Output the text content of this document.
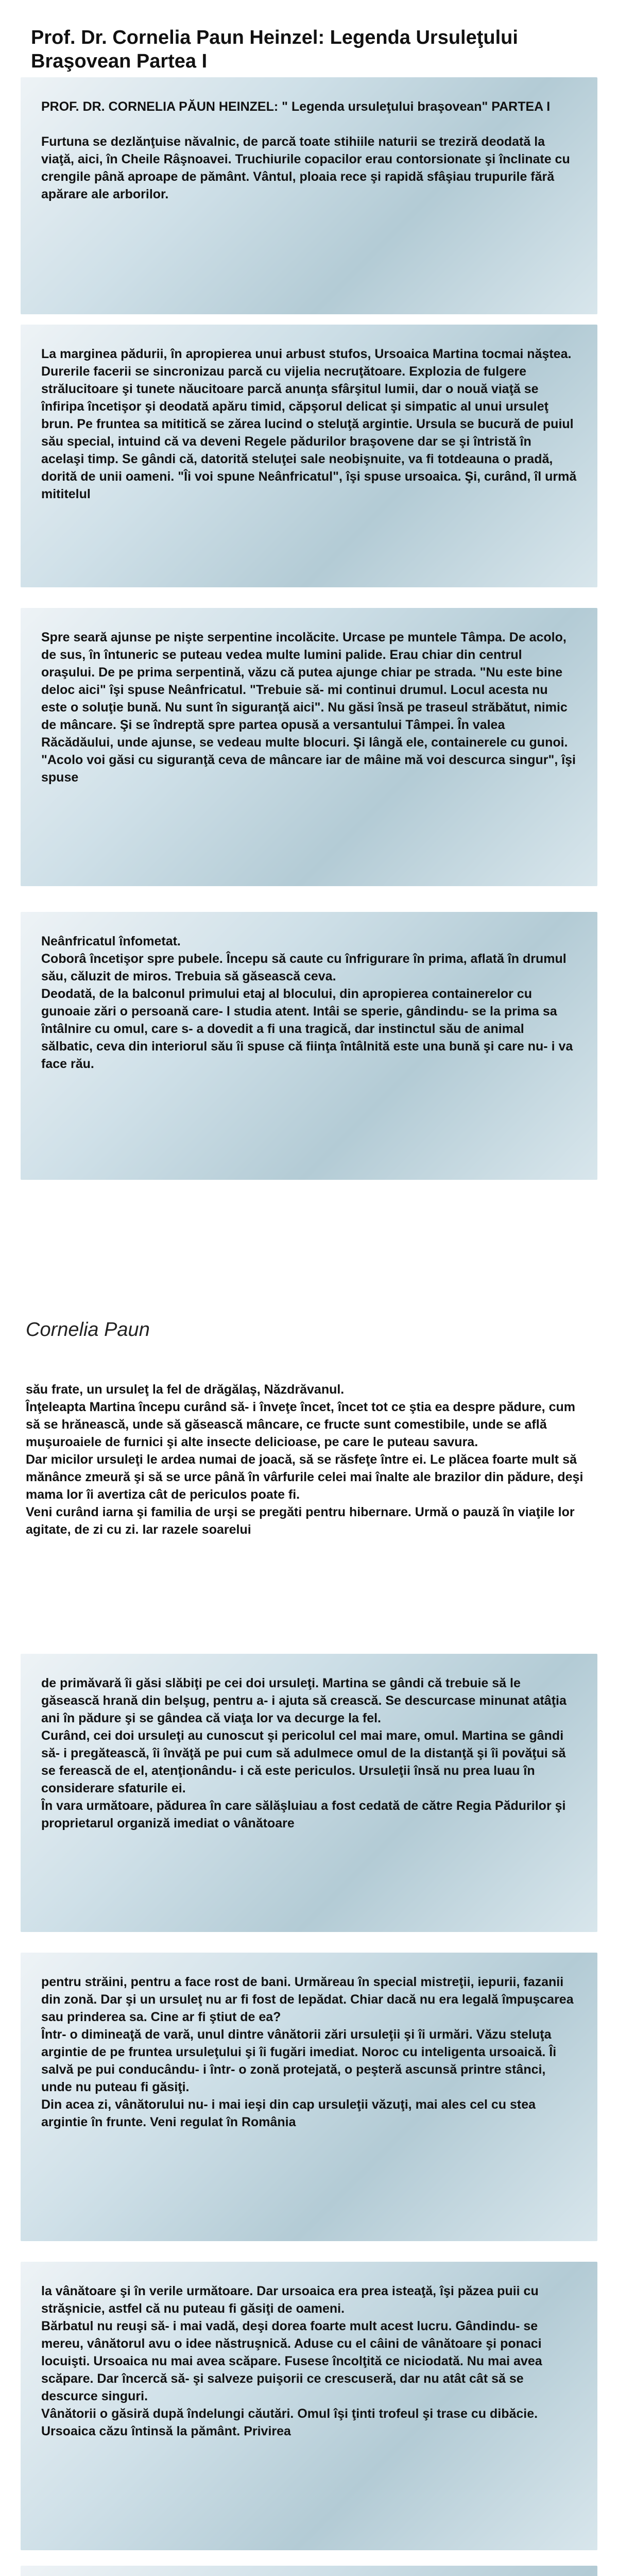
Prof. Dr. Cornelia Paun Heinzel: Legenda Ursuleţului Braşovean Partea I
PROF. DR. CORNELIA PĂUN HEINZEL: " Legenda ursuleţului braşovean" PARTEA I

Furtuna se dezlănţuise năvalnic, de parcă toate stihiile naturii se treziră deodată la viaţă, aici, în Cheile Râşnoavei. Truchiurile copacilor erau contorsionate şi înclinate cu crengile până aproape de pământ. Vântul, ploaia rece şi rapidă sfâşiau trupurile fără apărare ale arborilor.
La marginea pădurii, în apropierea unui arbust stufos, Ursoaica Martina tocmai năştea. Durerile facerii se sincronizau parcă cu vijelia necruţătoare. Explozia de fulgere strălucitoare şi tunete năucitoare parcă anunţa sfârşitul lumii, dar o nouă viaţă se înfiripa încetişor şi deodată apăru timid, căpşorul delicat şi simpatic al unui ursuleţ brun. Pe fruntea sa mititică se zărea lucind o steluţă argintie. Ursula se bucură de puiul său special, intuind că va deveni Regele pădurilor braşovene dar se şi întristă în acelaşi timp. Se gândi că, datorită steluţei sale neobişnuite, va fi totdeauna o pradă, dorită de unii oameni. "Îi voi spune Neânfricatul", îşi spuse ursoaica. Şi, curând, îl urmă mititelul
Spre seară ajunse pe nişte serpentine incolăcite. Urcase pe muntele Tâmpa. De acolo, de sus, în întuneric se puteau vedea multe lumini palide. Erau chiar din centrul oraşului. De pe prima serpentină, văzu că putea ajunge chiar pe strada. "Nu este bine deloc aici" îşi spuse Neânfricatul. "Trebuie să- mi continui drumul. Locul acesta nu este o soluţie bună. Nu sunt în siguranţă aici". Nu găsi însă pe traseul străbătut, nimic de mâncare. Şi se îndreptă spre partea opusă a versantului Tâmpei. În valea Răcădăului, unde ajunse, se vedeau multe blocuri. Şi lângă ele, containerele cu gunoi. "Acolo voi găsi cu siguranţă ceva de mâncare iar de mâine mă voi descurca singur", îşi spuse
Neânfricatul înfometat.
Coborâ încetişor spre pubele. Începu să caute cu înfrigurare în prima, aflată în drumul său, căluzit de miros. Trebuia să găsească ceva.
Deodată, de la balconul primului etaj al blocului, din apropierea containerelor cu gunoaie zări o persoană care- l studia atent. Intâi se sperie, gândindu- se la prima sa întâlnire cu omul, care s- a dovedit a fi una tragică, dar instinctul său de animal sălbatic, ceva din interiorul său îi spuse că fiinţa întâlnită este una bună şi care nu- i va face rău.
Cornelia Paun
său frate, un ursuleţ la fel de drăgălaş, Năzdrăvanul.
Înţeleapta Martina începu curând să- i înveţe încet, încet tot ce ştia ea despre pădure, cum să se hrănească, unde să găsească mâncare, ce fructe sunt comestibile, unde se află muşuroaiele de furnici şi alte insecte delicioase, pe care le puteau savura.
Dar micilor ursuleţi le ardea numai de joacă, să se răsfeţe între ei. Le plăcea foarte mult să mănânce zmeură şi să se urce până în vârfurile celei mai înalte ale brazilor din pădure, deşi mama lor îi avertiza cât de periculos poate fi.
Veni curând iarna şi familia de urşi se pregăti pentru hibernare. Urmă o pauză în viaţile lor agitate, de zi cu zi. Iar razele soarelui
de primăvară îi găsi slăbiţi pe cei doi ursuleţi. Martina se gândi că trebuie să le găsească hrană din belşug, pentru a- i ajuta să crească. Se descurcase minunat atâţia ani în pădure şi se gândea că viaţa lor va decurge la fel.
Curând, cei doi ursuleţi au cunoscut şi pericolul cel mai mare, omul. Martina se gândi să- i pregătească, îi învăţă pe pui cum să adulmece omul de la distanţă şi îi povăţui să se ferească de el, atenţionându- i că este periculos. Ursuleţii însă nu prea luau în considerare sfaturile ei.
În vara următoare, pădurea în care sălăşluiau a fost cedată de către Regia Pădurilor şi proprietarul organiză imediat o vânătoare
pentru străini, pentru a face rost de bani. Urmăreau în special mistreţii, iepurii, fazanii din zonă. Dar şi un ursuleţ nu ar fi fost de lepădat. Chiar dacă nu era legală împuşcarea sau prinderea sa. Cine ar fi ştiut de ea?
Într- o dimineaţă de vară, unul dintre vânătorii zări ursuleţii şi îi urmări. Văzu steluţa argintie de pe fruntea ursuleţului şi îi fugări imediat. Noroc cu inteligenta ursoaică. Îi salvă pe pui conducându- i într- o zonă protejată, o peşteră ascunsă printre stânci, unde nu puteau fi găsiţi.
Din acea zi, vânătorului nu- i mai ieşi din cap ursuleţii văzuţi, mai ales cel cu stea argintie în frunte. Veni regulat în România
la vânătoare şi în verile următoare. Dar ursoaica era prea isteaţă, îşi păzea puii cu străşnicie, astfel că nu puteau fi găsiţi de oameni.
Bărbatul nu reuşi să- i mai vadă, deşi dorea foarte mult acest lucru. Gândindu- se mereu, vânătorul avu o idee năstruşnică. Aduse cu el câini de vânătoare şi ponaci locuişti. Ursoaica nu mai avea scăpare. Fusese încolţită ce niciodată. Nu mai avea scăpare. Dar încercă să- şi salveze puişorii ce crescuseră, dar nu atât cât să se descurce singuri.
Vânătorii o găsiră după îndelungi căutări. Omul îşi ţinti trofeul şi trase cu dibăcie. Ursoaica căzu întinsă la pământ. Privirea
